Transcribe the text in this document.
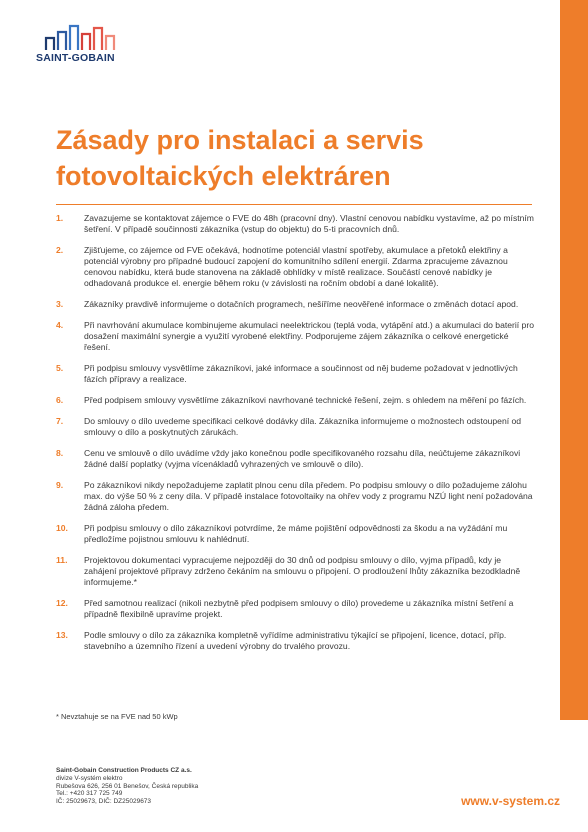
SAINT-GOBAIN
Zásady pro instalaci a servis fotovoltaických elektráren
1. Zavazujeme se kontaktovat zájemce o FVE do 48h (pracovní dny). Vlastní cenovou nabídku vystavíme, až po místním šetření. V případě součinnosti zákazníka (vstup do objektu) do 5-ti pracovních dnů.
2. Zjišťujeme, co zájemce od FVE očekává, hodnotíme potenciál vlastní spotřeby, akumulace a přetoků elektřiny a potenciál výrobny pro případné budoucí zapojení do komunitního sdílení energií. Zdarma zpracujeme závaznou cenovou nabídku, která bude stanovena na základě obhlídky v místě realizace. Součástí cenové nabídky je odhadovaná produkce el. energie během roku (v závislosti na ročním období a dané lokalitě).
3. Zákazníky pravdivě informujeme o dotačních programech, nešíříme neověřené informace o změnách dotací apod.
4. Při navrhování akumulace kombinujeme akumulaci neelektrickou (teplá voda, vytápění atd.) a akumulaci do baterií pro dosažení maximální synergie a využití vyrobené elektřiny. Podporujeme zájem zákazníka o celkové energetické řešení.
5. Při podpisu smlouvy vysvětlíme zákazníkovi, jaké informace a součinnost od něj budeme požadovat v jednotlivých fázích přípravy a realizace.
6. Před podpisem smlouvy vysvětlíme zákazníkovi navrhované technické řešení, zejm. s ohledem na měření po fázích.
7. Do smlouvy o dílo uvedeme specifikaci celkové dodávky díla. Zákazníka informujeme o možnostech odstoupení od smlouvy o dílo a poskytnutých zárukách.
8. Cenu ve smlouvě o dílo uvádíme vždy jako konečnou podle specifikovaného rozsahu díla, neúčtujeme zákazníkovi žádné další poplatky (vyjma vícenákladů vyhrazených ve smlouvě o dílo).
9. Po zákazníkovi nikdy nepožadujeme zaplatit plnou cenu díla předem. Po podpisu smlouvy o dílo požadujeme zálohu max. do výše 50 % z ceny díla. V případě instalace fotovoltaiky na ohřev vody z programu NZÚ light není požadována žádná záloha předem.
10. Při podpisu smlouvy o dílo zákazníkovi potvrdíme, že máme pojištění odpovědnosti za škodu a na vyžádání mu předložíme pojistnou smlouvu k nahlédnutí.
11. Projektovou dokumentaci vypracujeme nejpozději do 30 dnů od podpisu smlouvy o dílo, vyjma případů, kdy je zahájení projektové přípravy zdrženo čekáním na smlouvu o připojení. O prodloužení lhůty zákazníka bezodkladně informujeme.*
12. Před samotnou realizací (nikoli nezbytně před podpisem smlouvy o dílo) provedeme u zákazníka místní šetření a případně flexibilně upravíme projekt.
13. Podle smlouvy o dílo za zákazníka kompletně vyřídíme administrativu týkající se připojení, licence, dotací, příp. stavebního a územního řízení a uvedení výrobny do trvalého provozu.
* Nevztahuje se na FVE nad 50 kWp
Saint-Gobain Construction Products CZ a.s.
divize V-systém elektro
Rubešova 626, 256 01 Benešov, Česká republika
Tel.: +420 317 725 749
IČ: 25029673, DIČ: DZ25029673	www.v-system.cz
